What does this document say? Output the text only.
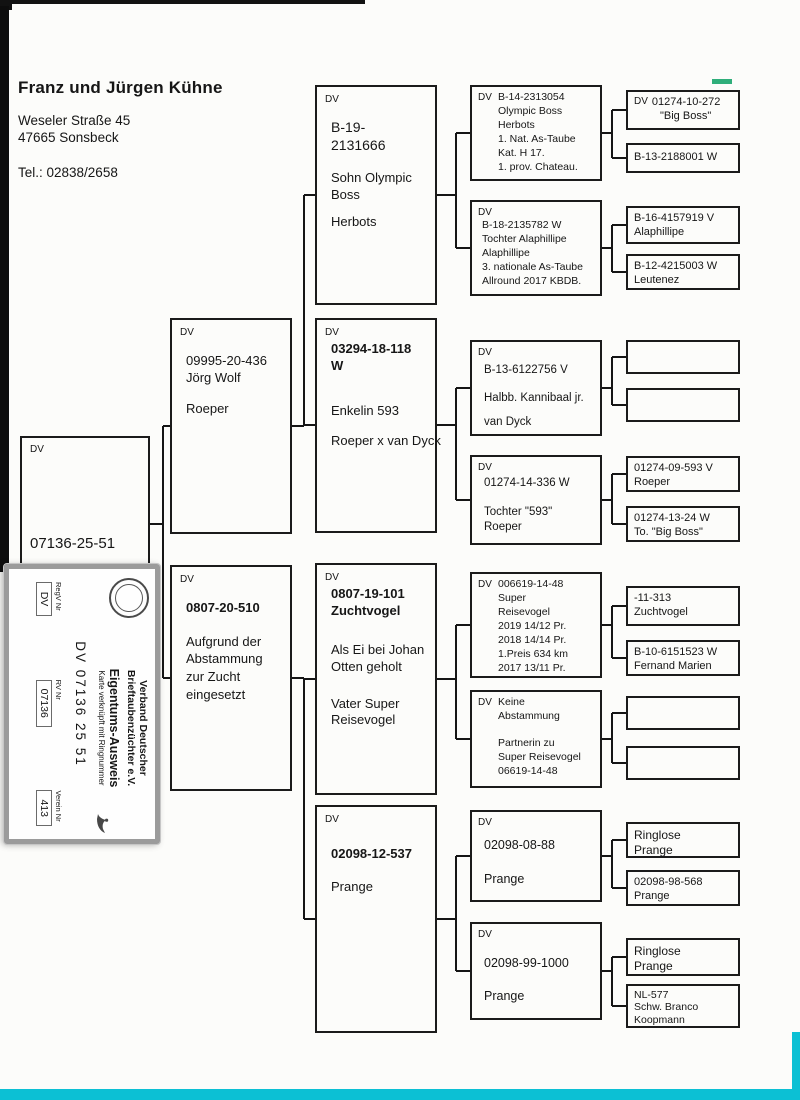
Franz und Jürgen Kühne
Weseler Straße 45
47665 Sonsbeck
Tel.: 02838/2658
DV
07136-25-51
DV
09995-20-436
Jörg Wolf
Roeper
DV
0807-20-510
Aufgrund der Abstammung zur Zucht eingesetzt
DV
B-19-2131666
Sohn Olympic Boss
Herbots
DV
03294-18-118 W
Enkelin 593
Roeper x van Dyck
DV
0807-19-101 Zuchtvogel
Als Ei bei Johan Otten geholt
Vater Super Reisevogel
DV
02098-12-537
Prange
DV B-14-2313054
Olympic Boss
Herbots
1. Nat. As-Taube
Kat. H 17.
1. prov. Chateau.
DV
B-18-2135782 W
Tochter Alaphillipe
Alaphillipe
3. nationale As-Taube
Allround 2017 KBDB.
DV
B-13-6122756 V
Halbb. Kannibaal jr.
van Dyck
DV
01274-14-336 W
Tochter "593"
Roeper
DV 006619-14-48
Super
Reisevogel
2019 14/12 Pr.
2018 14/14 Pr.
1.Preis 634 km
2017 13/11 Pr.
DV Keine
Abstammung
Partnerin zu
Super Reisevogel
06619-14-48
DV
02098-08-88
Prange
DV
02098-99-1000
Prange
DV 01274-10-272
"Big Boss"
B-13-2188001 W
B-16-4157919 V
Alaphillipe
B-12-4215003 W
Leutenez
01274-09-593 V
Roeper
01274-13-24 W
To. "Big Boss"
-11-313
Zuchtvogel
B-10-6151523 W
Fernand Marien
Ringlose
Prange
02098-98-568
Prange
Ringlose
Prange
NL-577
Schw. Branco
Koopmann
Verband Deutscher
Brieftaubenzüchter e.V.
Eigentums-Ausweis
Karte verknüpft mit Ringnummer
DV 07136 25 51
RegV Nr
DV
RV Nr
07136
Verein Nr
413
